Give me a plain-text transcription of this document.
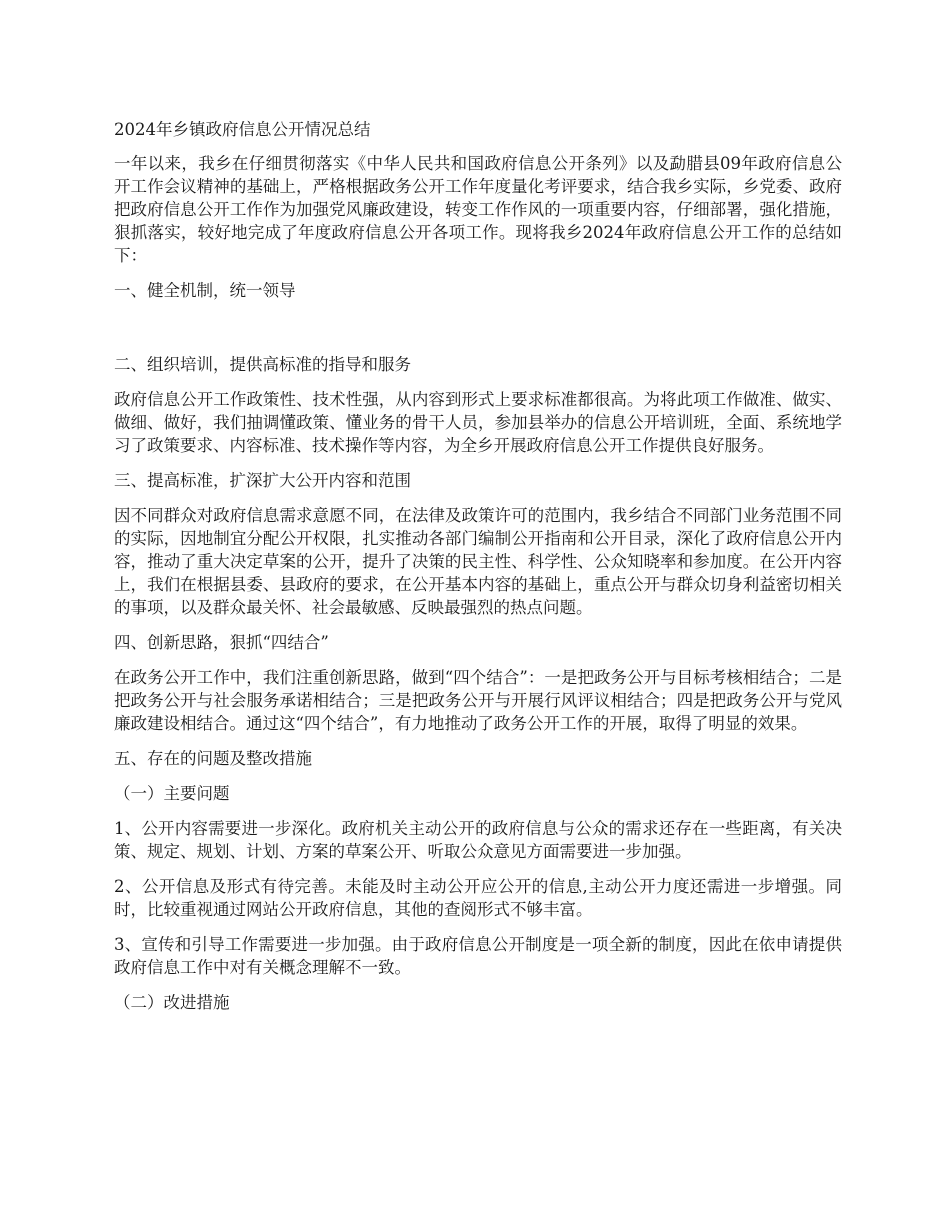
2024年乡镇政府信息公开情况总结

一年以来，我乡在仔细贯彻落实《中华人民共和国政府信息公开条列》以及勐腊县09年政府信息公开工作会议精神的基础上，严格根据政务公开工作年度量化考评要求，结合我乡实际，乡党委、政府把政府信息公开工作作为加强党风廉政建设，转变工作作风的一项重要内容，仔细部署，强化措施，狠抓落实，较好地完成了年度政府信息公开各项工作。现将我乡2024年政府信息公开工作的总结如下：

一、健全机制，统一领导

二、组织培训，提供高标准的指导和服务

政府信息公开工作政策性、技术性强，从内容到形式上要求标准都很高。为将此项工作做准、做实、做细、做好，我们抽调懂政策、懂业务的骨干人员，参加县举办的信息公开培训班，全面、系统地学习了政策要求、内容标准、技术操作等内容，为全乡开展政府信息公开工作提供良好服务。

三、提高标准，扩深扩大公开内容和范围

因不同群众对政府信息需求意愿不同，在法律及政策许可的范围内，我乡结合不同部门业务范围不同的实际，因地制宜分配公开权限，扎实推动各部门编制公开指南和公开目录，深化了政府信息公开内容，推动了重大决定草案的公开，提升了决策的民主性、科学性、公众知晓率和参加度。在公开内容上，我们在根据县委、县政府的要求，在公开基本内容的基础上，重点公开与群众切身利益密切相关的事项，以及群众最关怀、社会最敏感、反映最强烈的热点问题。

四、创新思路，狠抓“四结合”

在政务公开工作中，我们注重创新思路，做到“四个结合”：一是把政务公开与目标考核相结合；二是把政务公开与社会服务承诺相结合；三是把政务公开与开展行风评议相结合；四是把政务公开与党风廉政建设相结合。通过这“四个结合”，有力地推动了政务公开工作的开展，取得了明显的效果。

五、存在的问题及整改措施

（一）主要问题

1、公开内容需要进一步深化。政府机关主动公开的政府信息与公众的需求还存在一些距离，有关决策、规定、规划、计划、方案的草案公开、听取公众意见方面需要进一步加强。

2、公开信息及形式有待完善。未能及时主动公开应公开的信息,主动公开力度还需进一步增强。同时，比较重视通过网站公开政府信息，其他的查阅形式不够丰富。

3、宣传和引导工作需要进一步加强。由于政府信息公开制度是一项全新的制度，因此在依申请提供政府信息工作中对有关概念理解不一致。

（二）改进措施
